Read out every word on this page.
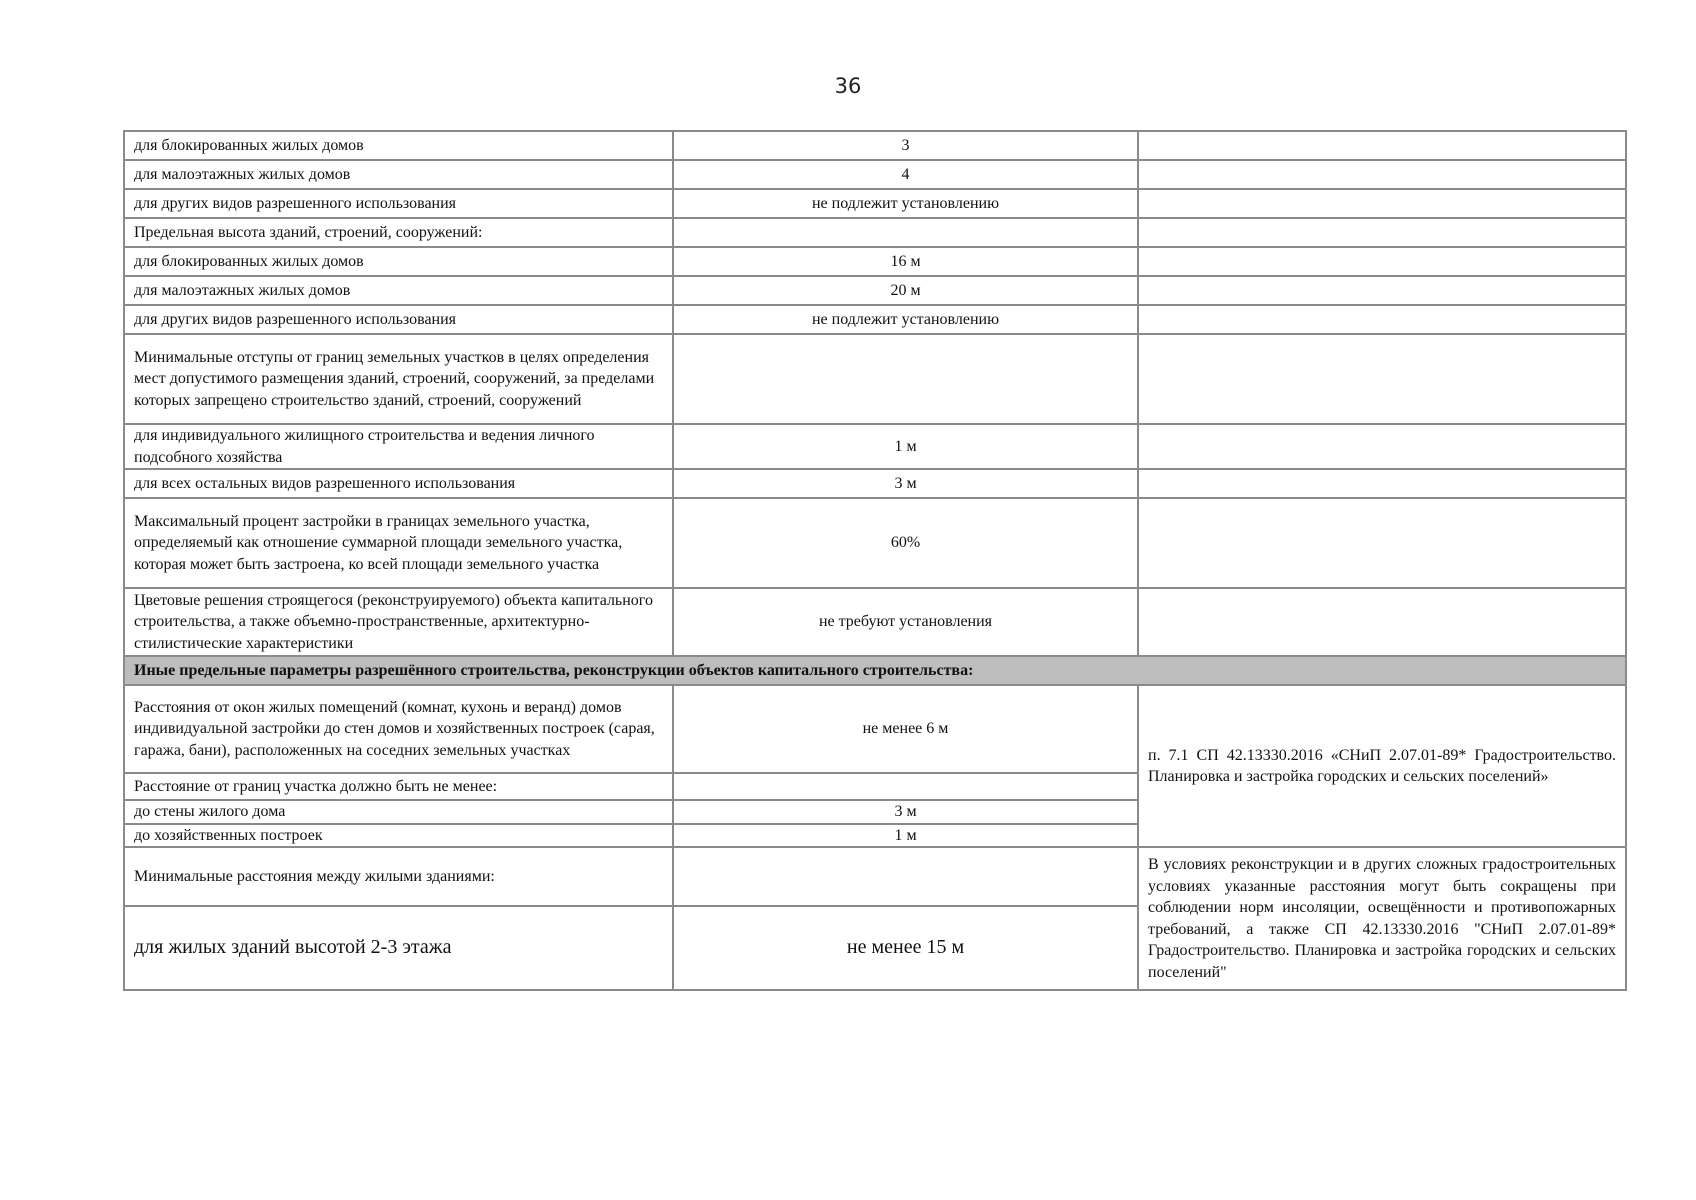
36
для блокированных жилых домов	3	
для малоэтажных жилых домов	4	
для других видов разрешенного использования	не подлежит установлению	
Предельная высота зданий, строений, сооружений:		
для блокированных жилых домов	16 м	
для малоэтажных жилых домов	20 м	
для других видов разрешенного использования	не подлежит установлению	
Минимальные отступы от границ земельных участков в целях определения мест допустимого размещения зданий, строений, сооружений, за пределами которых запрещено строительство зданий, строений, сооружений		
для индивидуального жилищного строительства и ведения личного подсобного хозяйства	1 м	
для всех остальных видов разрешенного использования	3 м	
Максимальный процент застройки в границах земельного участка, определяемый как отношение суммарной площади земельного участка, которая может быть застроена, ко всей площади земельного участка	60%	
Цветовые решения строящегося (реконструируемого) объекта капитального строительства, а также объемно-пространственные, архитектурно-стилистические характеристики	не требуют установления	
Иные предельные параметры разрешённого строительства, реконструкции объектов капитального строительства:		
Расстояния от окон жилых помещений (комнат, кухонь и веранд) домов индивидуальной застройки до стен домов и хозяйственных построек (сарая, гаража, бани), расположенных на соседних земельных участках	не менее 6 м	п. 7.1 СП 42.13330.2016 «СНиП 2.07.01-89* Градостроительство. Планировка и застройка городских и сельских поселений»
Расстояние от границ участка должно быть не менее:		
до стены жилого дома	3 м	
до хозяйственных построек	1 м	
Минимальные расстояния между жилыми зданиями:		В условиях реконструкции и в других сложных градостроительных условиях указанные расстояния могут быть сокращены при соблюдении норм инсоляции, освещённости и противопожарных требований, а также СП 42.13330.2016 "СНиП 2.07.01-89* Градостроительство. Планировка и застройка городских и сельских поселений"
для жилых зданий высотой 2-3 этажа	не менее 15 м	
